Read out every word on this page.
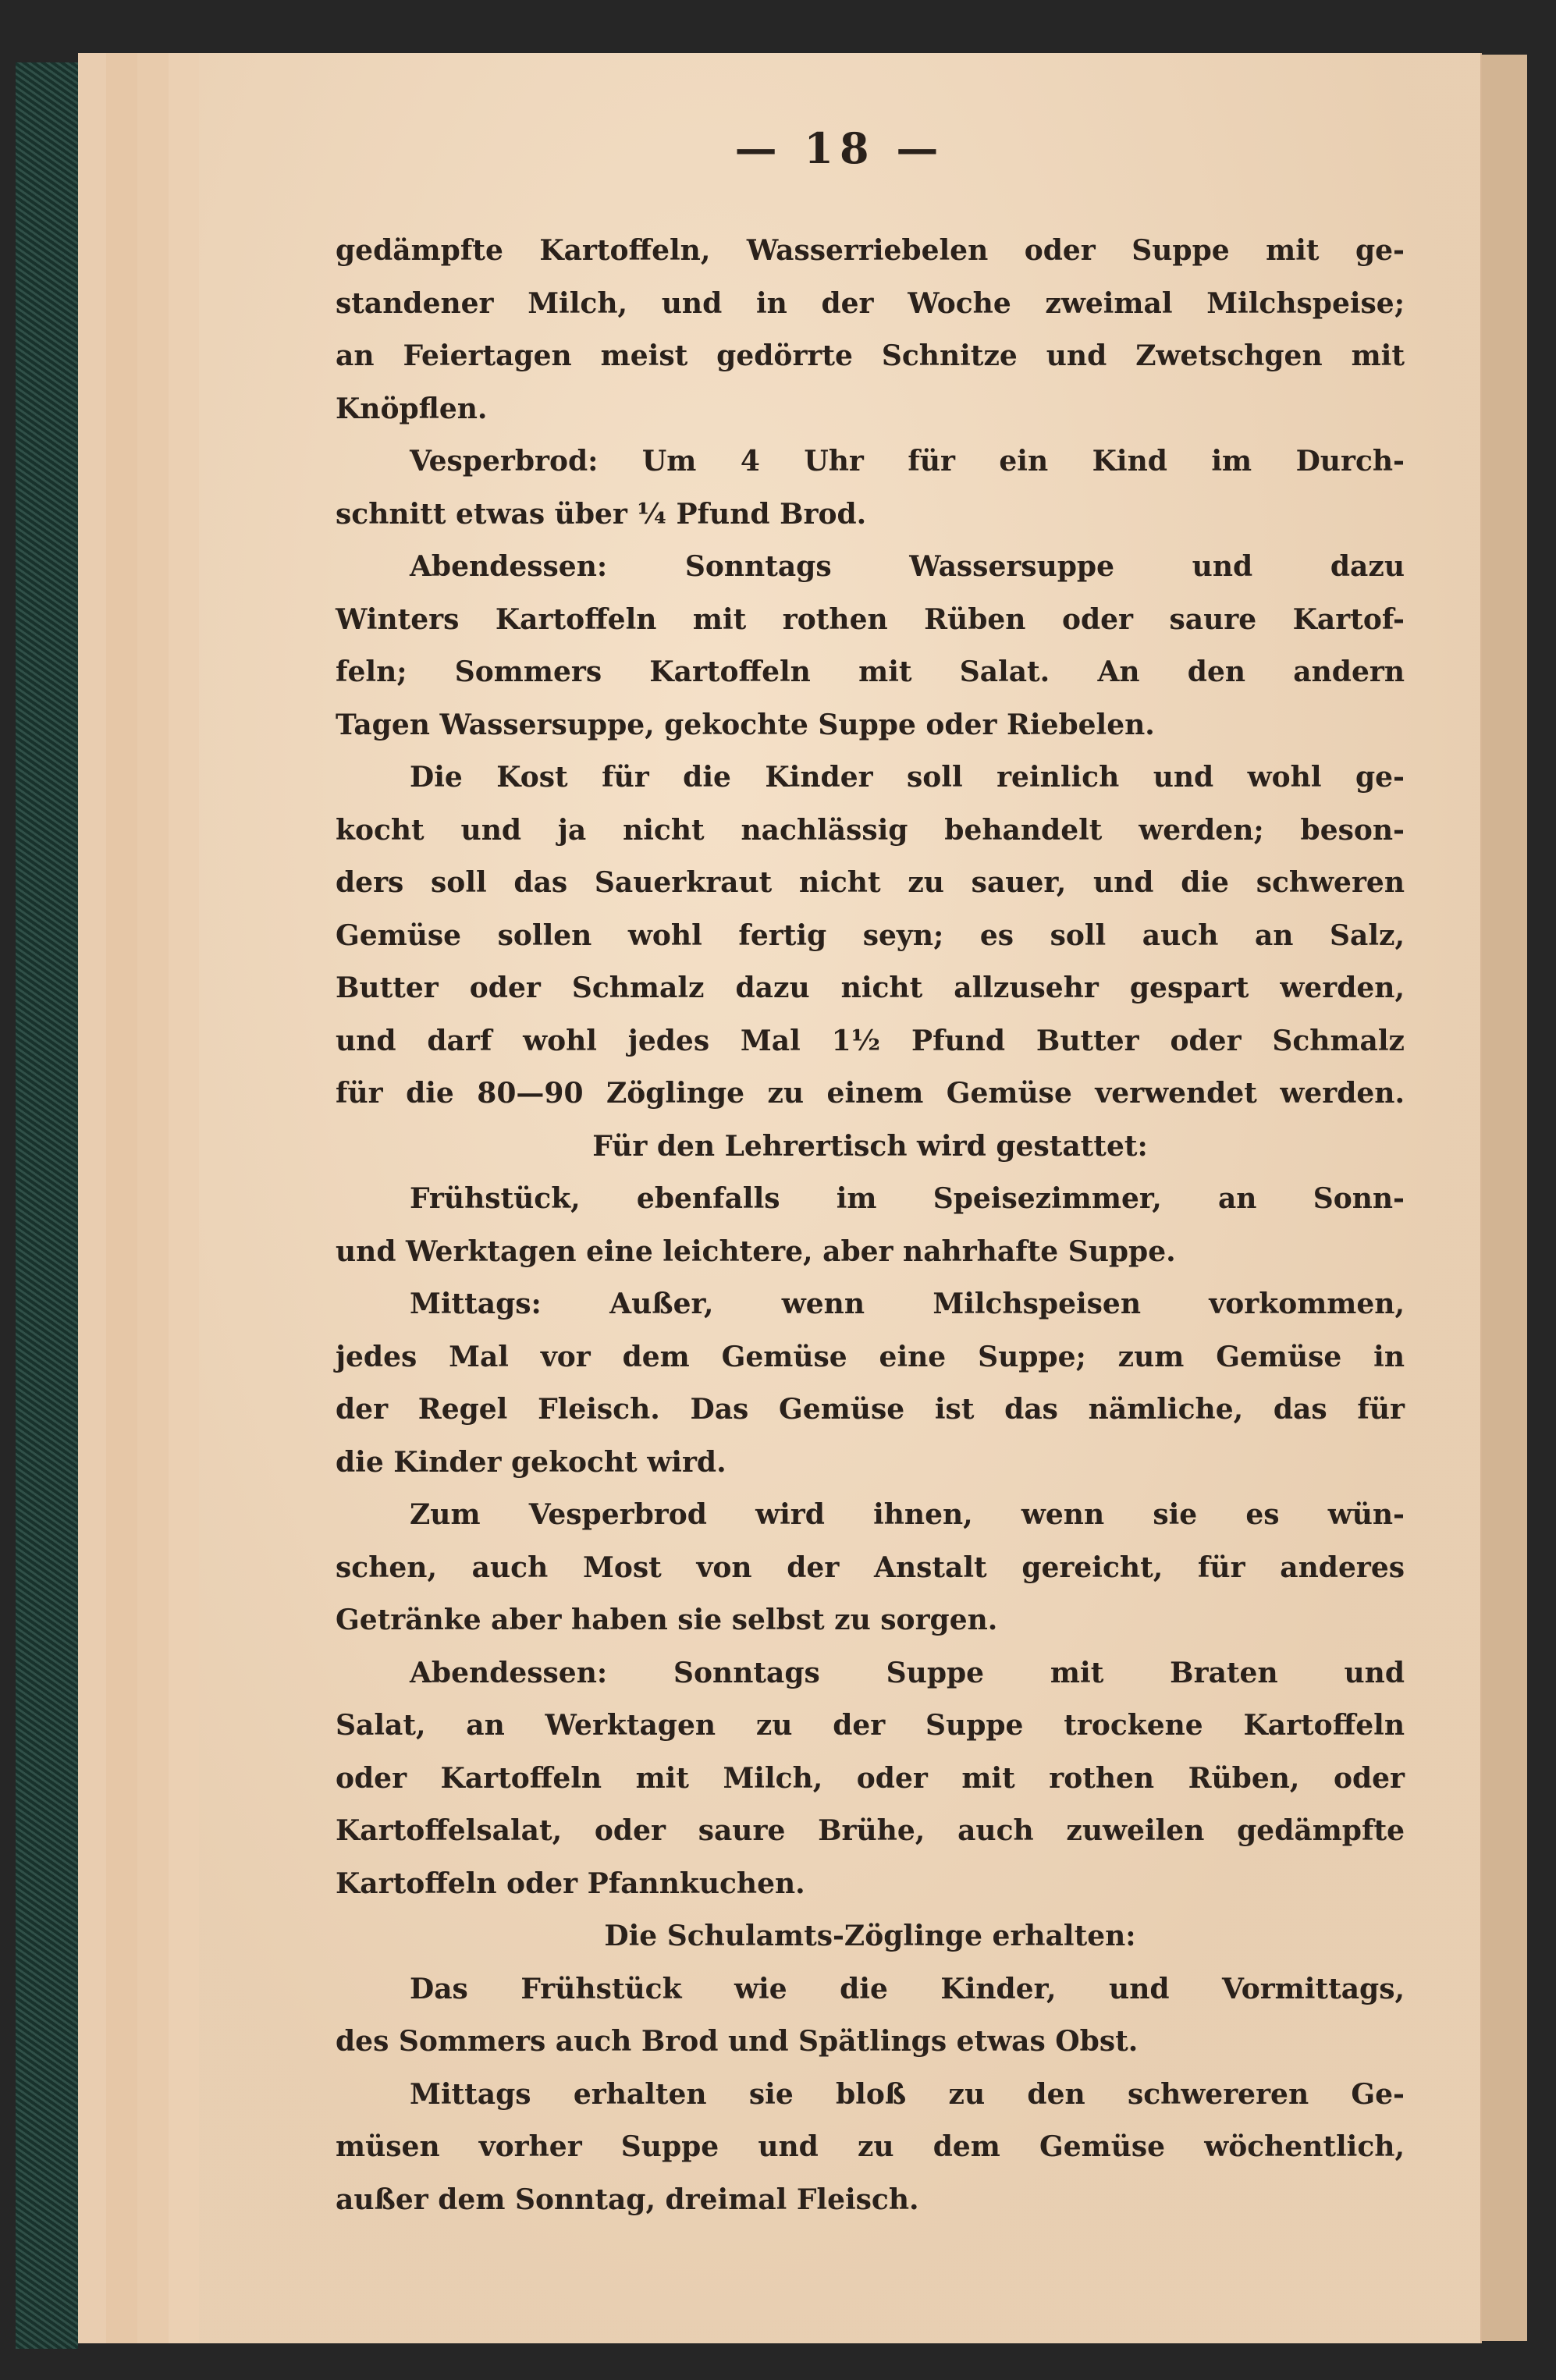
— 18 —
gedämpfte Kartoffeln, Wasserriebelen oder Suppe mit ge-
standener Milch, und in der Woche zweimal Milchspeise;
an Feiertagen meist gedörrte Schnitze und Zwetschgen mit
Knöpflen.
Vesperbrod: Um 4 Uhr für ein Kind im Durch-
schnitt etwas über ¼ Pfund Brod.
Abendessen: Sonntags Wassersuppe und dazu
Winters Kartoffeln mit rothen Rüben oder saure Kartof-
feln; Sommers Kartoffeln mit Salat. An den andern
Tagen Wassersuppe, gekochte Suppe oder Riebelen.
Die Kost für die Kinder soll reinlich und wohl ge-
kocht und ja nicht nachlässig behandelt werden; beson-
ders soll das Sauerkraut nicht zu sauer, und die schweren
Gemüse sollen wohl fertig seyn; es soll auch an Salz,
Butter oder Schmalz dazu nicht allzusehr gespart werden,
und darf wohl jedes Mal 1½ Pfund Butter oder Schmalz
für die 80—90 Zöglinge zu einem Gemüse verwendet werden.
Für den Lehrertisch wird gestattet:
Frühstück, ebenfalls im Speisezimmer, an Sonn-
und Werktagen eine leichtere, aber nahrhafte Suppe.
Mittags: Außer, wenn Milchspeisen vorkommen,
jedes Mal vor dem Gemüse eine Suppe; zum Gemüse in
der Regel Fleisch. Das Gemüse ist das nämliche, das für
die Kinder gekocht wird.
Zum Vesperbrod wird ihnen, wenn sie es wün-
schen, auch Most von der Anstalt gereicht, für anderes
Getränke aber haben sie selbst zu sorgen.
Abendessen: Sonntags Suppe mit Braten und
Salat, an Werktagen zu der Suppe trockene Kartoffeln
oder Kartoffeln mit Milch, oder mit rothen Rüben, oder
Kartoffelsalat, oder saure Brühe, auch zuweilen gedämpfte
Kartoffeln oder Pfannkuchen.
Die Schulamts-Zöglinge erhalten:
Das Frühstück wie die Kinder, und Vormittags,
des Sommers auch Brod und Spätlings etwas Obst.
Mittags erhalten sie bloß zu den schwereren Ge-
müsen vorher Suppe und zu dem Gemüse wöchentlich,
außer dem Sonntag, dreimal Fleisch.
